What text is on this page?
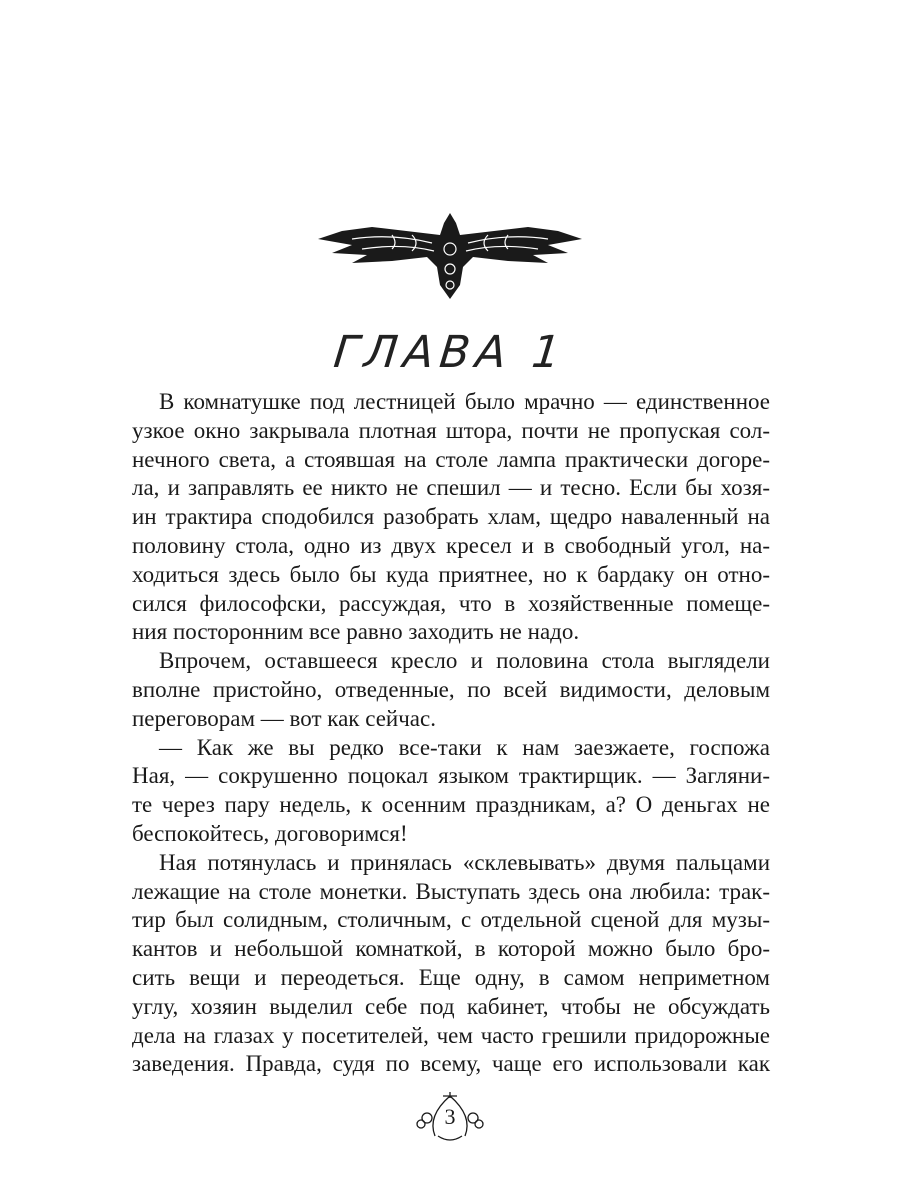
ГЛАВА 1
В комнатушке под лестницей было мрачно — единственное
узкое окно закрывала плотная штора, почти не пропуская сол-
нечного света, а стоявшая на столе лампа практически догоре-
ла, и заправлять ее никто не спешил — и тесно. Если бы хозя-
ин трактира сподобился разобрать хлам, щедро наваленный на
половину стола, одно из двух кресел и в свободный угол, на-
ходиться здесь было бы куда приятнее, но к бардаку он отно-
сился философски, рассуждая, что в хозяйственные помеще-
ния посторонним все равно заходить не надо.
Впрочем, оставшееся кресло и половина стола выглядели
вполне пристойно, отведенные, по всей видимости, деловым
переговорам — вот как сейчас.
— Как же вы редко все-таки к нам заезжаете, госпожа
Ная, — сокрушенно поцокал языком трактирщик. — Загляни-
те через пару недель, к осенним праздникам, а? О деньгах не
беспокойтесь, договоримся!
Ная потянулась и принялась «склевывать» двумя пальцами
лежащие на столе монетки. Выступать здесь она любила: трак-
тир был солидным, столичным, с отдельной сценой для музы-
кантов и небольшой комнаткой, в которой можно было бро-
сить вещи и переодеться. Еще одну, в самом неприметном
углу, хозяин выделил себе под кабинет, чтобы не обсуждать
дела на глазах у посетителей, чем часто грешили придорожные
заведения. Правда, судя по всему, чаще его использовали как
3
